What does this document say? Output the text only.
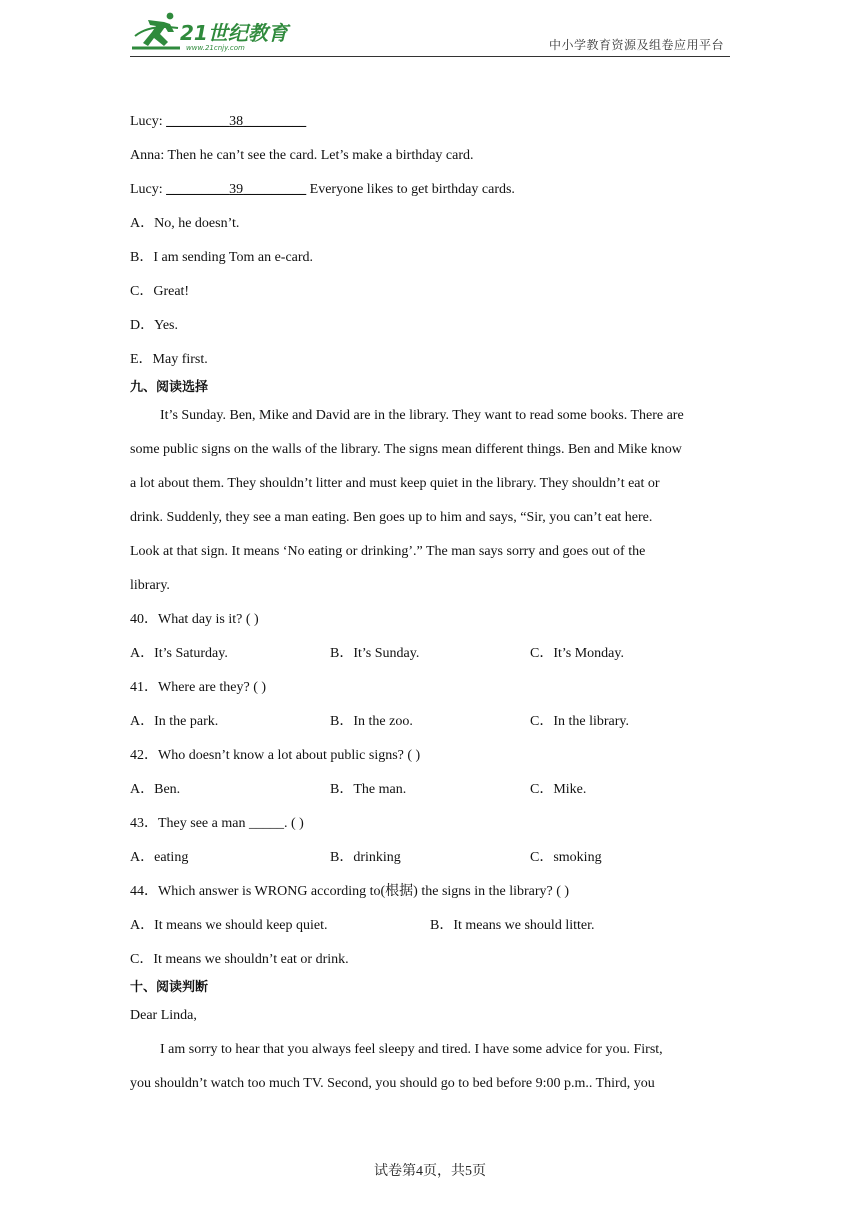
21世纪教育
www.21cnjy.com	中小学教育资源及组卷应用平台
Lucy: _________38_________
Anna: Then he can’t see the card. Let’s make a birthday card.
Lucy: _________39_________ Everyone likes to get birthday cards.
A．No, he doesn’t.
B．I am sending Tom an e-card.
C．Great!
D．Yes.
E．May first.
九、阅读选择
It’s Sunday. Ben, Mike and David are in the library. They want to read some books. There are
some public signs on the walls of the library. The signs mean different things. Ben and Mike know
a lot about them. They shouldn’t litter and must keep quiet in the library. They shouldn’t eat or
drink. Suddenly, they see a man eating. Ben goes up to him and says, “Sir, you can’t eat here.
Look at that sign. It means ‘No eating or drinking’.” The man says sorry and goes out of the
library.
40．What day is it? ( )
A．It’s Saturday.	B．It’s Sunday.	C．It’s Monday.
41．Where are they? ( )
A．In the park.	B．In the zoo.	C．In the library.
42．Who doesn’t know a lot about public signs? ( )
A．Ben.	B．The man.	C．Mike.
43．They see a man _____. ( )
A．eating	B．drinking	C．smoking
44．Which answer is WRONG according to(根据) the signs in the library? ( )
A．It means we should keep quiet.	B．It means we should litter.
C．It means we shouldn’t eat or drink.
十、阅读判断
Dear Linda,
I am sorry to hear that you always feel sleepy and tired. I have some advice for you. First,
you shouldn’t watch too much TV. Second, you should go to bed before 9:00 p.m.. Third, you
试卷第4页，共5页
